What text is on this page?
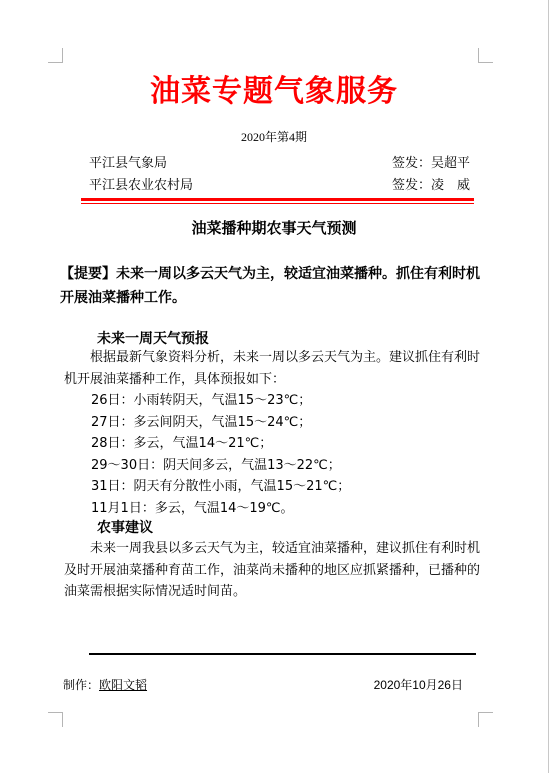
油菜专题气象服务
2020年第4期
平江县气象局
平江县农业农村局
签发：吴超平
签发：凌　威
油菜播种期农事天气预测
【提要】未来一周以多云天气为主，较适宜油菜播种。抓住有利时机开展油菜播种工作。
未来一周天气预报
根据最新气象资料分析，未来一周以多云天气为主。建议抓住有利时机开展油菜播种工作，具体预报如下：
26日：小雨转阴天，气温15～23℃；
27日：多云间阴天，气温15～24℃；
28日：多云，气温14～21℃；
29～30日：阴天间多云，气温13～22℃；
31日：阴天有分散性小雨，气温15～21℃；
11月1日：多云，气温14～19℃。
农事建议
未来一周我县以多云天气为主，较适宜油菜播种，建议抓住有利时机及时开展油菜播种育苗工作，油菜尚未播种的地区应抓紧播种，已播种的油菜需根据实际情况适时间苗。
制作：欧阳文韬	2020年10月26日
